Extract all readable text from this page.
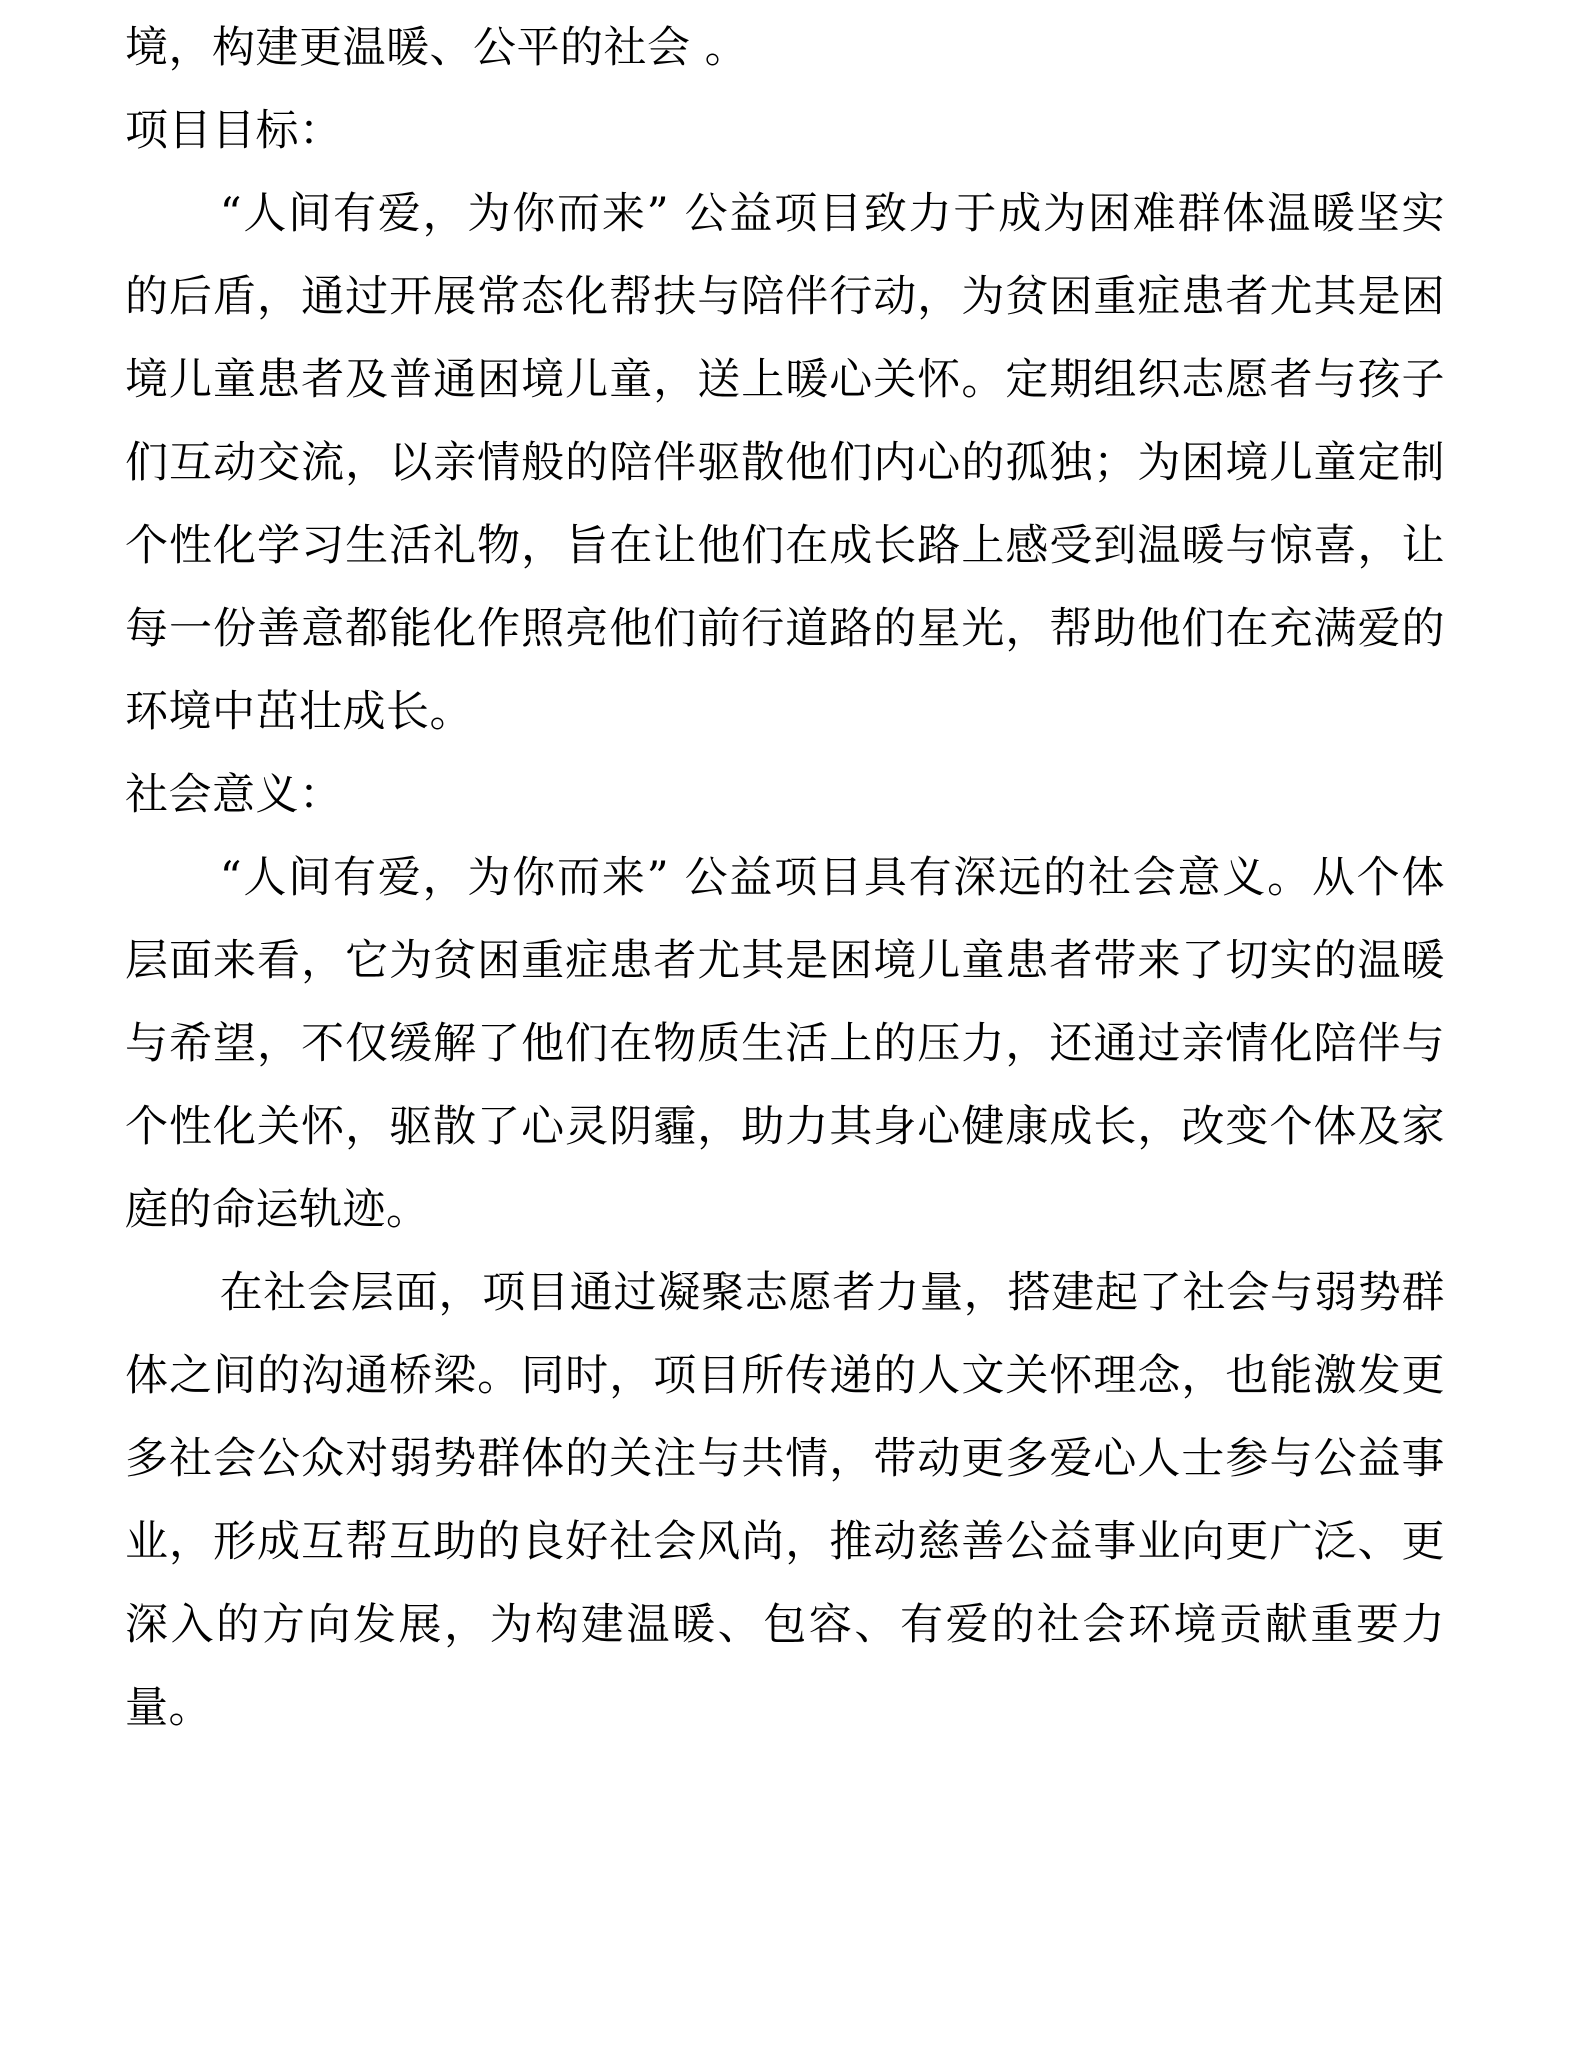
境，构建更温暖、公平的社会 。

项目目标：

“人间有爱，为你而来” 公益项目致力于成为困难群体温暖坚实的后盾，通过开展常态化帮扶与陪伴行动，为贫困重症患者尤其是困境儿童患者及普通困境儿童，送上暖心关怀。定期组织志愿者与孩子们互动交流，以亲情般的陪伴驱散他们内心的孤独；为困境儿童定制个性化学习生活礼物，旨在让他们在成长路上感受到温暖与惊喜，让每一份善意都能化作照亮他们前行道路的星光，帮助他们在充满爱的环境中茁壮成长。

社会意义：

“人间有爱，为你而来” 公益项目具有深远的社会意义。从个体层面来看，它为贫困重症患者尤其是困境儿童患者带来了切实的温暖与希望，不仅缓解了他们在物质生活上的压力，还通过亲情化陪伴与个性化关怀，驱散了心灵阴霾，助力其身心健康成长，改变个体及家庭的命运轨迹。

在社会层面，项目通过凝聚志愿者力量，搭建起了社会与弱势群体之间的沟通桥梁。同时，项目所传递的人文关怀理念，也能激发更多社会公众对弱势群体的关注与共情，带动更多爱心人士参与公益事业，形成互帮互助的良好社会风尚，推动慈善公益事业向更广泛、更深入的方向发展，为构建温暖、包容、有爱的社会环境贡献重要力量。
